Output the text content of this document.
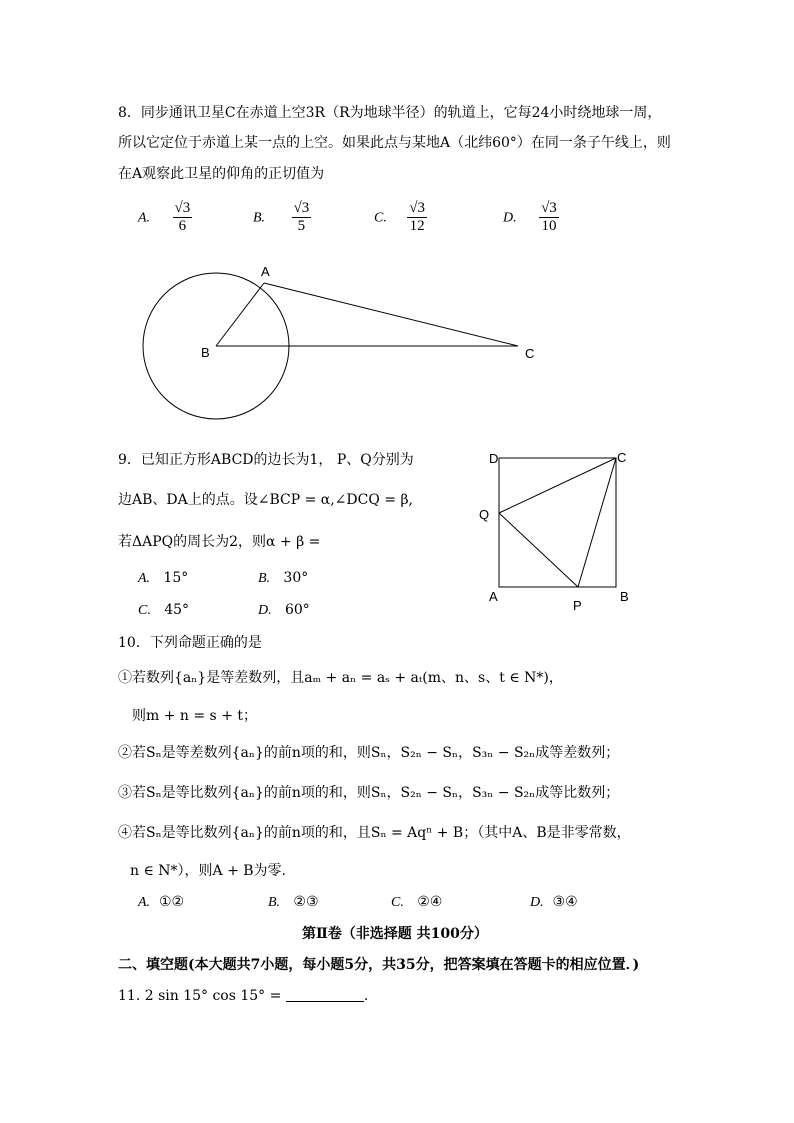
8．同步通讯卫星C在赤道上空3R（R为地球半径）的轨道上，它每24小时绕地球一周，
所以它定位于赤道上某一点的上空。如果此点与某地A（北纬60°）在同一条子午线上，则
在A观察此卫星的仰角的正切值为
A. $\frac{√3}{6}$	B. $\frac{√3}{5}$	C. $\frac{√3}{12}$	D. $\frac{√3}{10}$
A
B	C
9．已知正方形ABCD的边长为1， P、Q分别为
边AB、DA上的点。设∠BCP = α,∠DCQ = β,
若ΔAPQ的周长为2，则α + β =
A. 15°	B. 30°
C. 45°	D. 60°
D	C
Q
A
P
B
10．下列命题正确的是
①若数列{aₙ}是等差数列，且aₘ + aₙ = aₛ + aₜ(m、n、s、t ∈ N*)，
则m + n = s + t；
②若Sₙ是等差数列{aₙ}的前n项的和，则Sₙ，S₂ₙ − Sₙ，S₃ₙ − S₂ₙ成等差数列；
③若Sₙ是等比数列{aₙ}的前n项的和，则Sₙ，S₂ₙ − Sₙ，S₃ₙ − S₂ₙ成等比数列；
④若Sₙ是等比数列{aₙ}的前n项的和，且Sₙ = Aqⁿ + B；（其中A、B是非零常数，
n ∈ N*），则A + B为零.
A. ①②	B. ②③	C. ②④	D. ③④
第Ⅱ卷（非选择题 共100分）
二、填空题(本大题共7小题，每小题5分，共35分，把答案填在答题卡的相应位置．)
11. 2 sin 15° cos 15° =	.
